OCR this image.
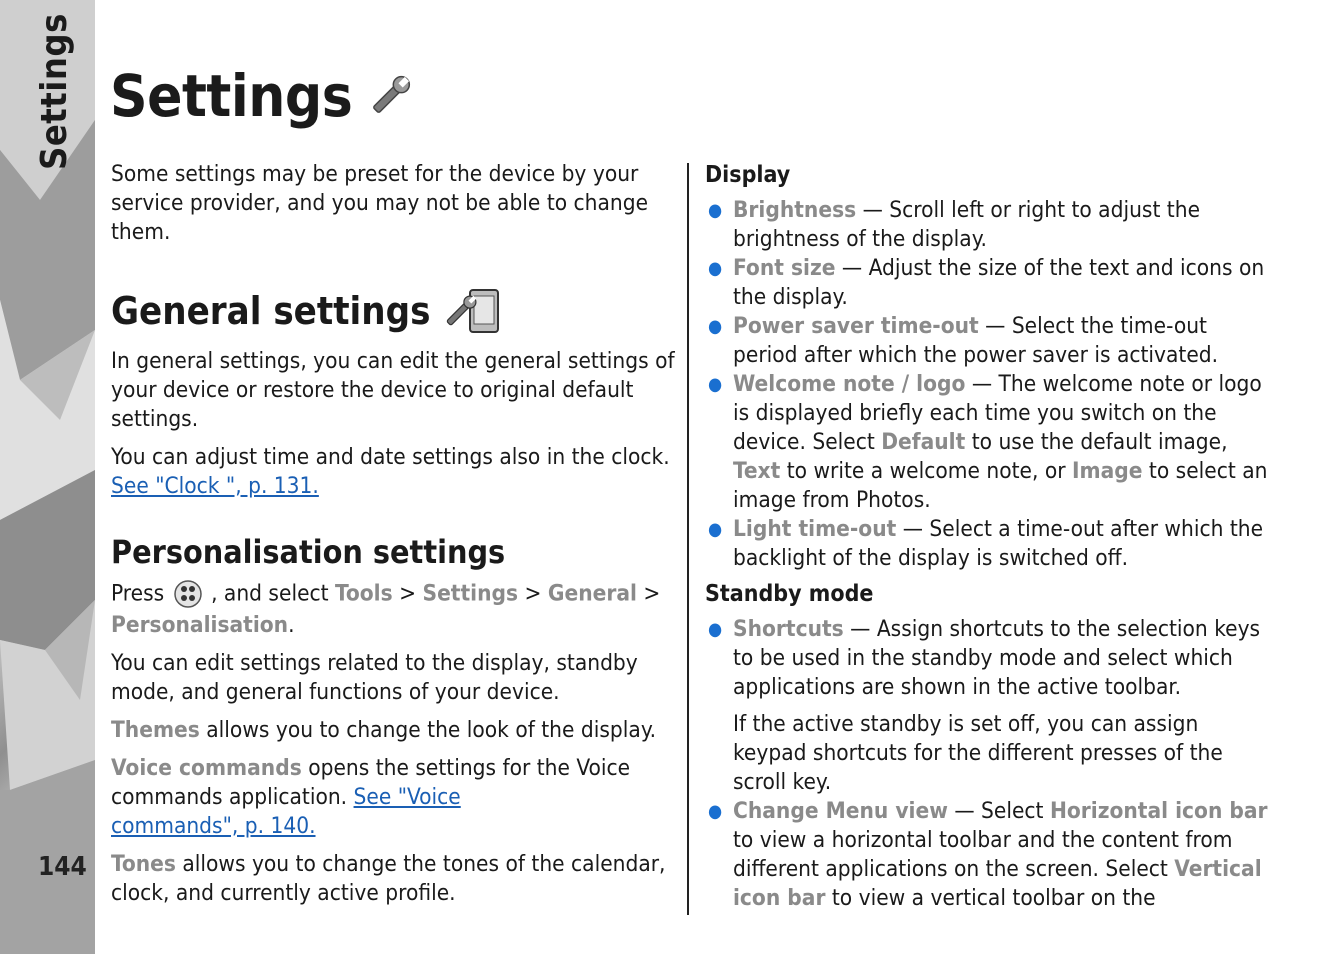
Settings
144
Settings

Some settings may be preset for the device by your service provider, and you may not be able to change them.

General settings

In general settings, you can edit the general settings of your device or restore the device to original default settings.

You can adjust time and date settings also in the clock. See "Clock ", p. 131.

Personalisation settings

Press , and select Tools > Settings > General > Personalisation.

You can edit settings related to the display, standby mode, and general functions of your device.

Themes allows you to change the look of the display.

Voice commands opens the settings for the Voice commands application. See "Voice
commands", p. 140.

Tones allows you to change the tones of the calendar, clock, and currently active profile.

Display
● Brightness — Scroll left or right to adjust the brightness of the display.
● Font size — Adjust the size of the text and icons on the display.
● Power saver time-out — Select the time-out period after which the power saver is activated.
● Welcome note / logo — The welcome note or logo is displayed briefly each time you switch on the device. Select Default to use the default image, Text to write a welcome note, or Image to select an image from Photos.
● Light time-out — Select a time-out after which the backlight of the display is switched off.
Standby mode
● Shortcuts — Assign shortcuts to the selection keys to be used in the standby mode and select which applications are shown in the active toolbar.

If the active standby is set off, you can assign keypad shortcuts for the different presses of the scroll key.

● Change Menu view — Select Horizontal icon bar to view a horizontal toolbar and the content from different applications on the screen. Select Vertical icon bar to view a vertical toolbar on the
